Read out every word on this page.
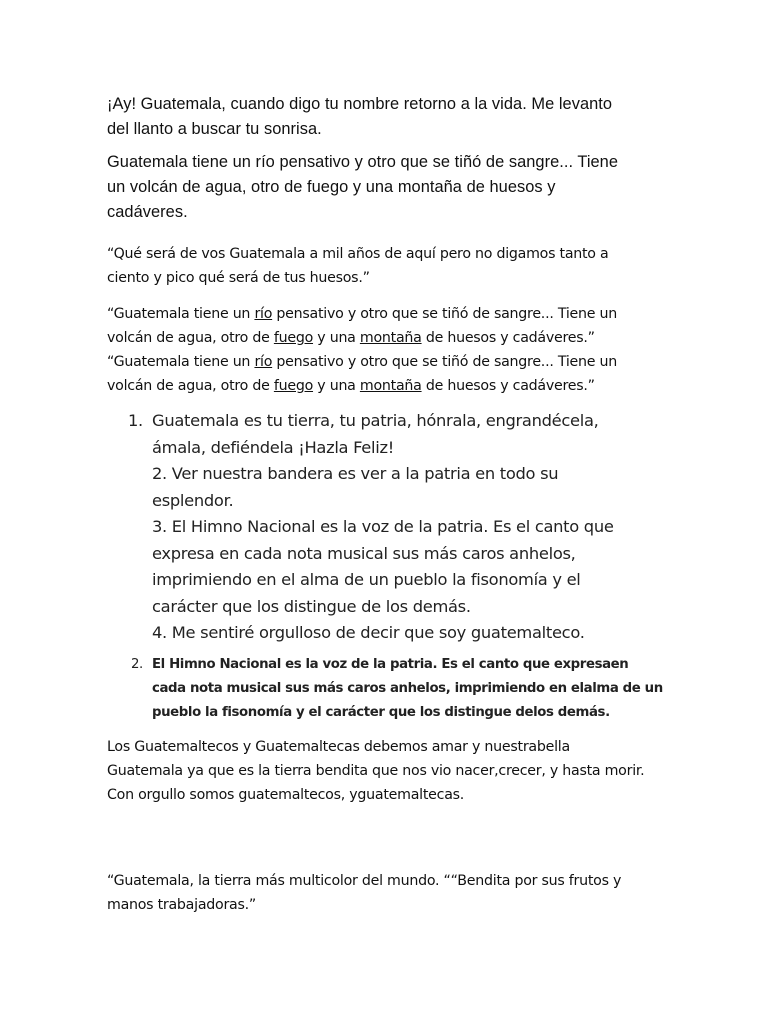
¡Ay! Guatemala, cuando digo tu nombre retorno a la vida. Me levanto
del llanto a buscar tu sonrisa.

Guatemala tiene un río pensativo y otro que se tiñó de sangre... Tiene
un volcán de agua, otro de fuego y una montaña de huesos y
cadáveres.

“Qué será de vos Guatemala a mil años de aquí pero no digamos tanto a
ciento y pico qué será de tus huesos.”

“Guatemala tiene un río pensativo y otro que se tiñó de sangre... Tiene un
volcán de agua, otro de fuego y una montaña de huesos y cadáveres.”
“Guatemala tiene un río pensativo y otro que se tiñó de sangre... Tiene un
volcán de agua, otro de fuego y una montaña de huesos y cadáveres.”

1. Guatemala es tu tierra, tu patria, hónrala, engrandécela,
ámala, defiéndela ¡Hazla Feliz!
2. Ver nuestra bandera es ver a la patria en todo su
esplendor.
3. El Himno Nacional es la voz de la patria. Es el canto que
expresa en cada nota musical sus más caros anhelos,
imprimiendo en el alma de un pueblo la fisonomía y el
carácter que los distingue de los demás.
4. Me sentiré orgulloso de decir que soy guatemalteco.
2. El Himno Nacional es la voz de la patria. Es el canto que expresaen
cada nota musical sus más caros anhelos, imprimiendo en elalma de un
pueblo la fisonomía y el carácter que los distingue delos demás.

Los Guatemaltecos y Guatemaltecas debemos amar y nuestrabella
Guatemala ya que es la tierra bendita que nos vio nacer,crecer, y hasta morir.
Con orgullo somos guatemaltecos, yguatemaltecas.

“Guatemala, la tierra más multicolor del mundo. ““Bendita por sus frutos y
manos trabajadoras.”
